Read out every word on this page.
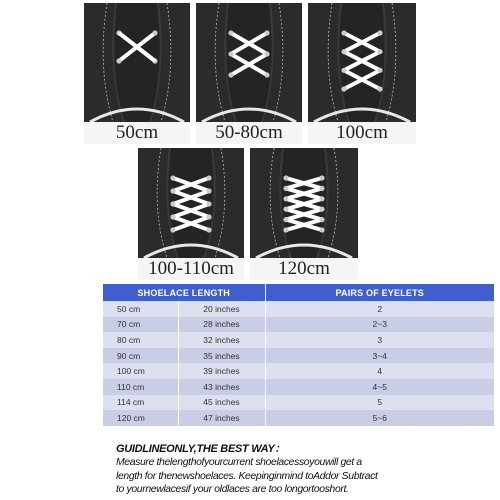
50cm	50-80cm	100cm
100-110cm	120cm
SHOELACE LENGTH		PAIRS OF EYELETS
50 cm	20 inches	2
70 cm	28 inches	2~3
80 cm	32 inches	3
90 cm	35 inches	3~4
100 cm	39 inches	4
110 cm	43 inches	4~5
114 cm	45 inches	5
120 cm	47 inches	5~6
GUIDLINEONLY,THE BEST WAY：
Measure thelengthofyourcurrent shoelacessoyouwill get a
length for thenewshoelaces. Keepinginmind toAddor Subtract
to yournewlacesif your oldlaces are too longortooshort.
